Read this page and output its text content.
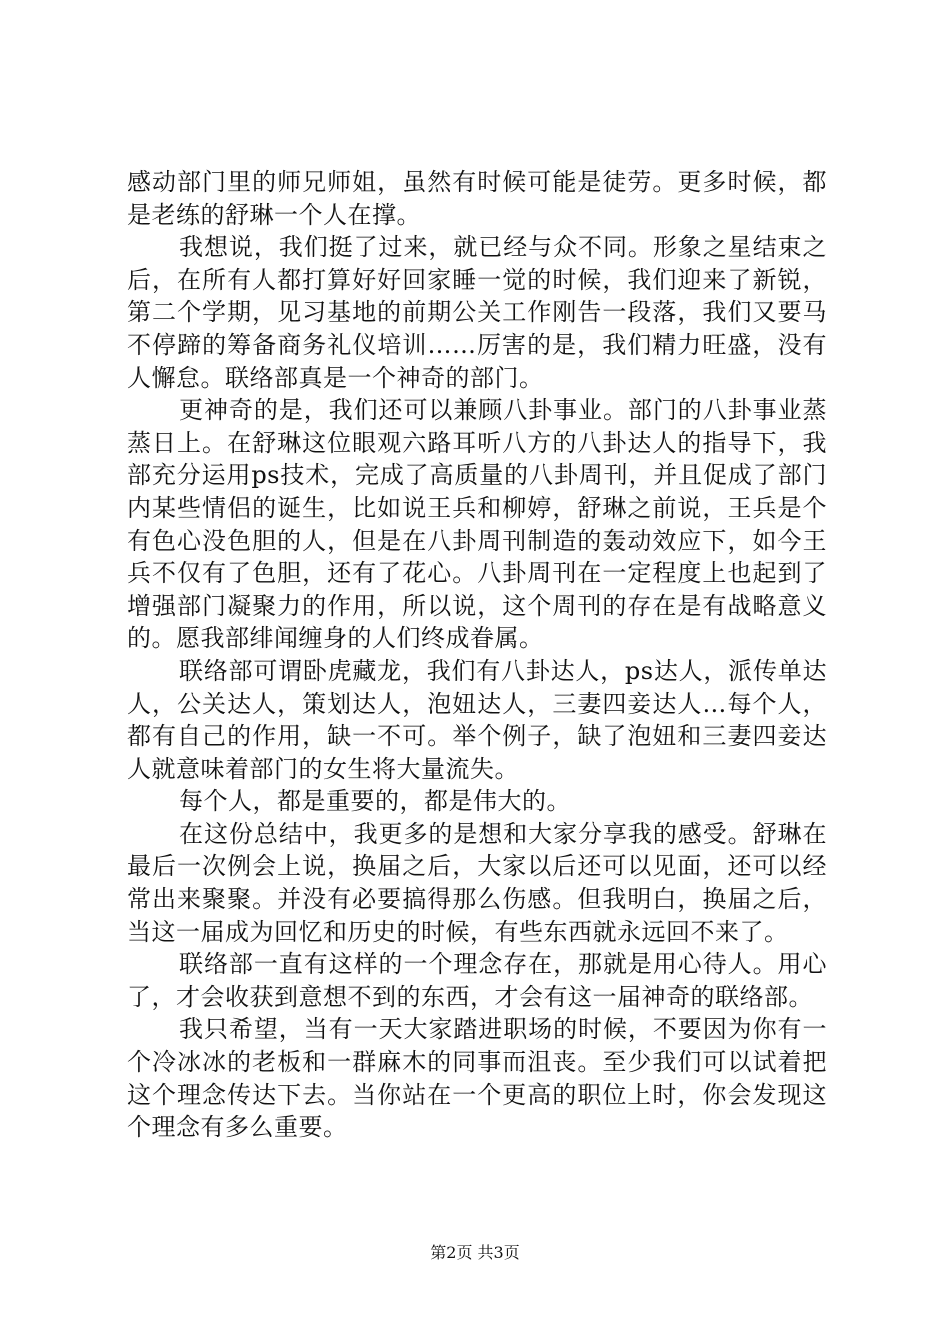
感动部门里的师兄师姐，虽然有时候可能是徒劳。更多时候，都是老练的舒琳一个人在撑。

我想说，我们挺了过来，就已经与众不同。形象之星结束之后，在所有人都打算好好回家睡一觉的时候，我们迎来了新锐，第二个学期，见习基地的前期公关工作刚告一段落，我们又要马不停蹄的筹备商务礼仪培训……厉害的是，我们精力旺盛，没有人懈怠。联络部真是一个神奇的部门。

更神奇的是，我们还可以兼顾八卦事业。部门的八卦事业蒸蒸日上。在舒琳这位眼观六路耳听八方的八卦达人的指导下，我部充分运用ps技术，完成了高质量的八卦周刊，并且促成了部门内某些情侣的诞生，比如说王兵和柳婷，舒琳之前说，王兵是个有色心没色胆的人，但是在八卦周刊制造的轰动效应下，如今王兵不仅有了色胆，还有了花心。八卦周刊在一定程度上也起到了增强部门凝聚力的作用，所以说，这个周刊的存在是有战略意义的。愿我部绯闻缠身的人们终成眷属。

联络部可谓卧虎藏龙，我们有八卦达人，ps达人，派传单达人，公关达人，策划达人，泡妞达人，三妻四妾达人…每个人，都有自己的作用，缺一不可。举个例子，缺了泡妞和三妻四妾达人就意味着部门的女生将大量流失。

每个人，都是重要的，都是伟大的。

在这份总结中，我更多的是想和大家分享我的感受。舒琳在最后一次例会上说，换届之后，大家以后还可以见面，还可以经常出来聚聚。并没有必要搞得那么伤感。但我明白，换届之后，当这一届成为回忆和历史的时候，有些东西就永远回不来了。

联络部一直有这样的一个理念存在，那就是用心待人。用心了，才会收获到意想不到的东西，才会有这一届神奇的联络部。

我只希望，当有一天大家踏进职场的时候，不要因为你有一个冷冰冰的老板和一群麻木的同事而沮丧。至少我们可以试着把这个理念传达下去。当你站在一个更高的职位上时，你会发现这个理念有多么重要。

第2页 共3页
